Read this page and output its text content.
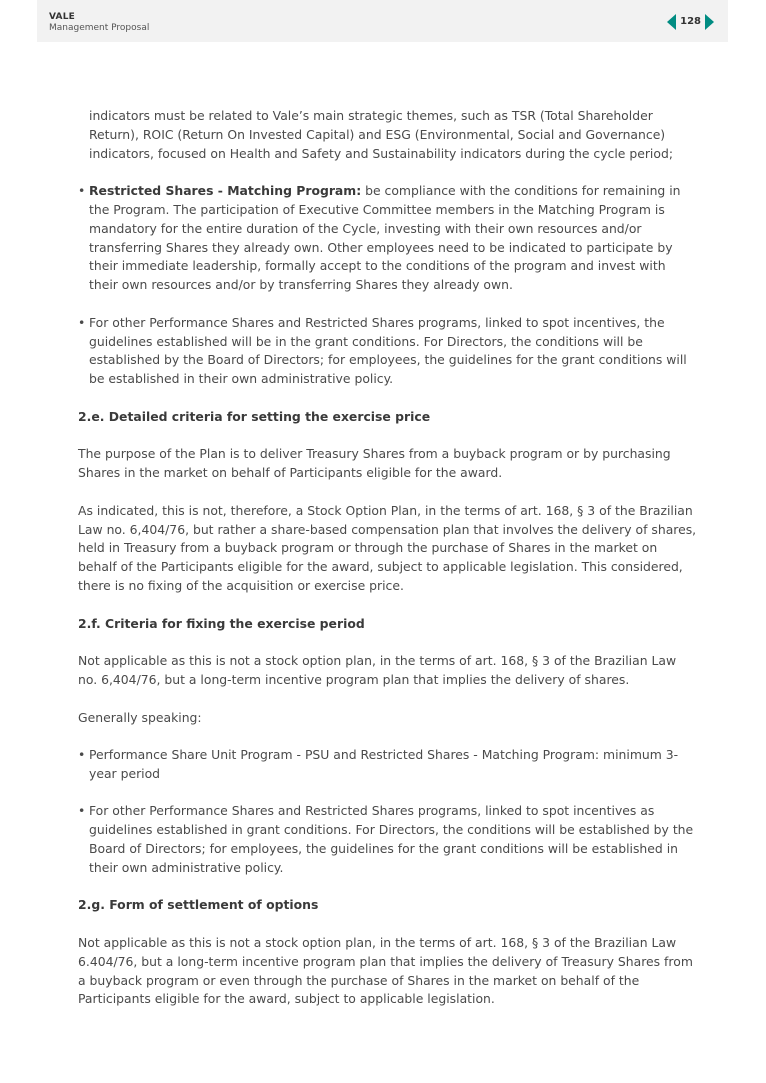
VALE
Management Proposal
128

indicators must be related to Vale’s main strategic themes, such as TSR (Total Shareholder Return), ROIC (Return On Invested Capital) and ESG (Environmental, Social and Governance) indicators, focused on Health and Safety and Sustainability indicators during the cycle period;

• Restricted Shares - Matching Program: be compliance with the conditions for remaining in the Program. The participation of Executive Committee members in the Matching Program is mandatory for the entire duration of the Cycle, investing with their own resources and/or transferring Shares they already own. Other employees need to be indicated to participate by their immediate leadership, formally accept to the conditions of the program and invest with their own resources and/or by transferring Shares they already own.
• For other Performance Shares and Restricted Shares programs, linked to spot incentives, the guidelines established will be in the grant conditions. For Directors, the conditions will be established by the Board of Directors; for employees, the guidelines for the grant conditions will be established in their own administrative policy.
2.e. Detailed criteria for setting the exercise price

The purpose of the Plan is to deliver Treasury Shares from a buyback program or by purchasing Shares in the market on behalf of Participants eligible for the award.

As indicated, this is not, therefore, a Stock Option Plan, in the terms of art. 168, § 3 of the Brazilian Law no. 6,404/76, but rather a share-based compensation plan that involves the delivery of shares, held in Treasury from a buyback program or through the purchase of Shares in the market on behalf of the Participants eligible for the award, subject to applicable legislation. This considered, there is no fixing of the acquisition or exercise price.

2.f. Criteria for fixing the exercise period

Not applicable as this is not a stock option plan, in the terms of art. 168, § 3 of the Brazilian Law no. 6,404/76, but a long-term incentive program plan that implies the delivery of shares.

Generally speaking:

• Performance Share Unit Program - PSU and Restricted Shares - Matching Program: minimum 3-year period
• For other Performance Shares and Restricted Shares programs, linked to spot incentives as guidelines established in grant conditions. For Directors, the conditions will be established by the Board of Directors; for employees, the guidelines for the grant conditions will be established in their own administrative policy.
2.g. Form of settlement of options

Not applicable as this is not a stock option plan, in the terms of art. 168, § 3 of the Brazilian Law 6.404/76, but a long-term incentive program plan that implies the delivery of Treasury Shares from a buyback program or even through the purchase of Shares in the market on behalf of the Participants eligible for the award, subject to applicable legislation.
